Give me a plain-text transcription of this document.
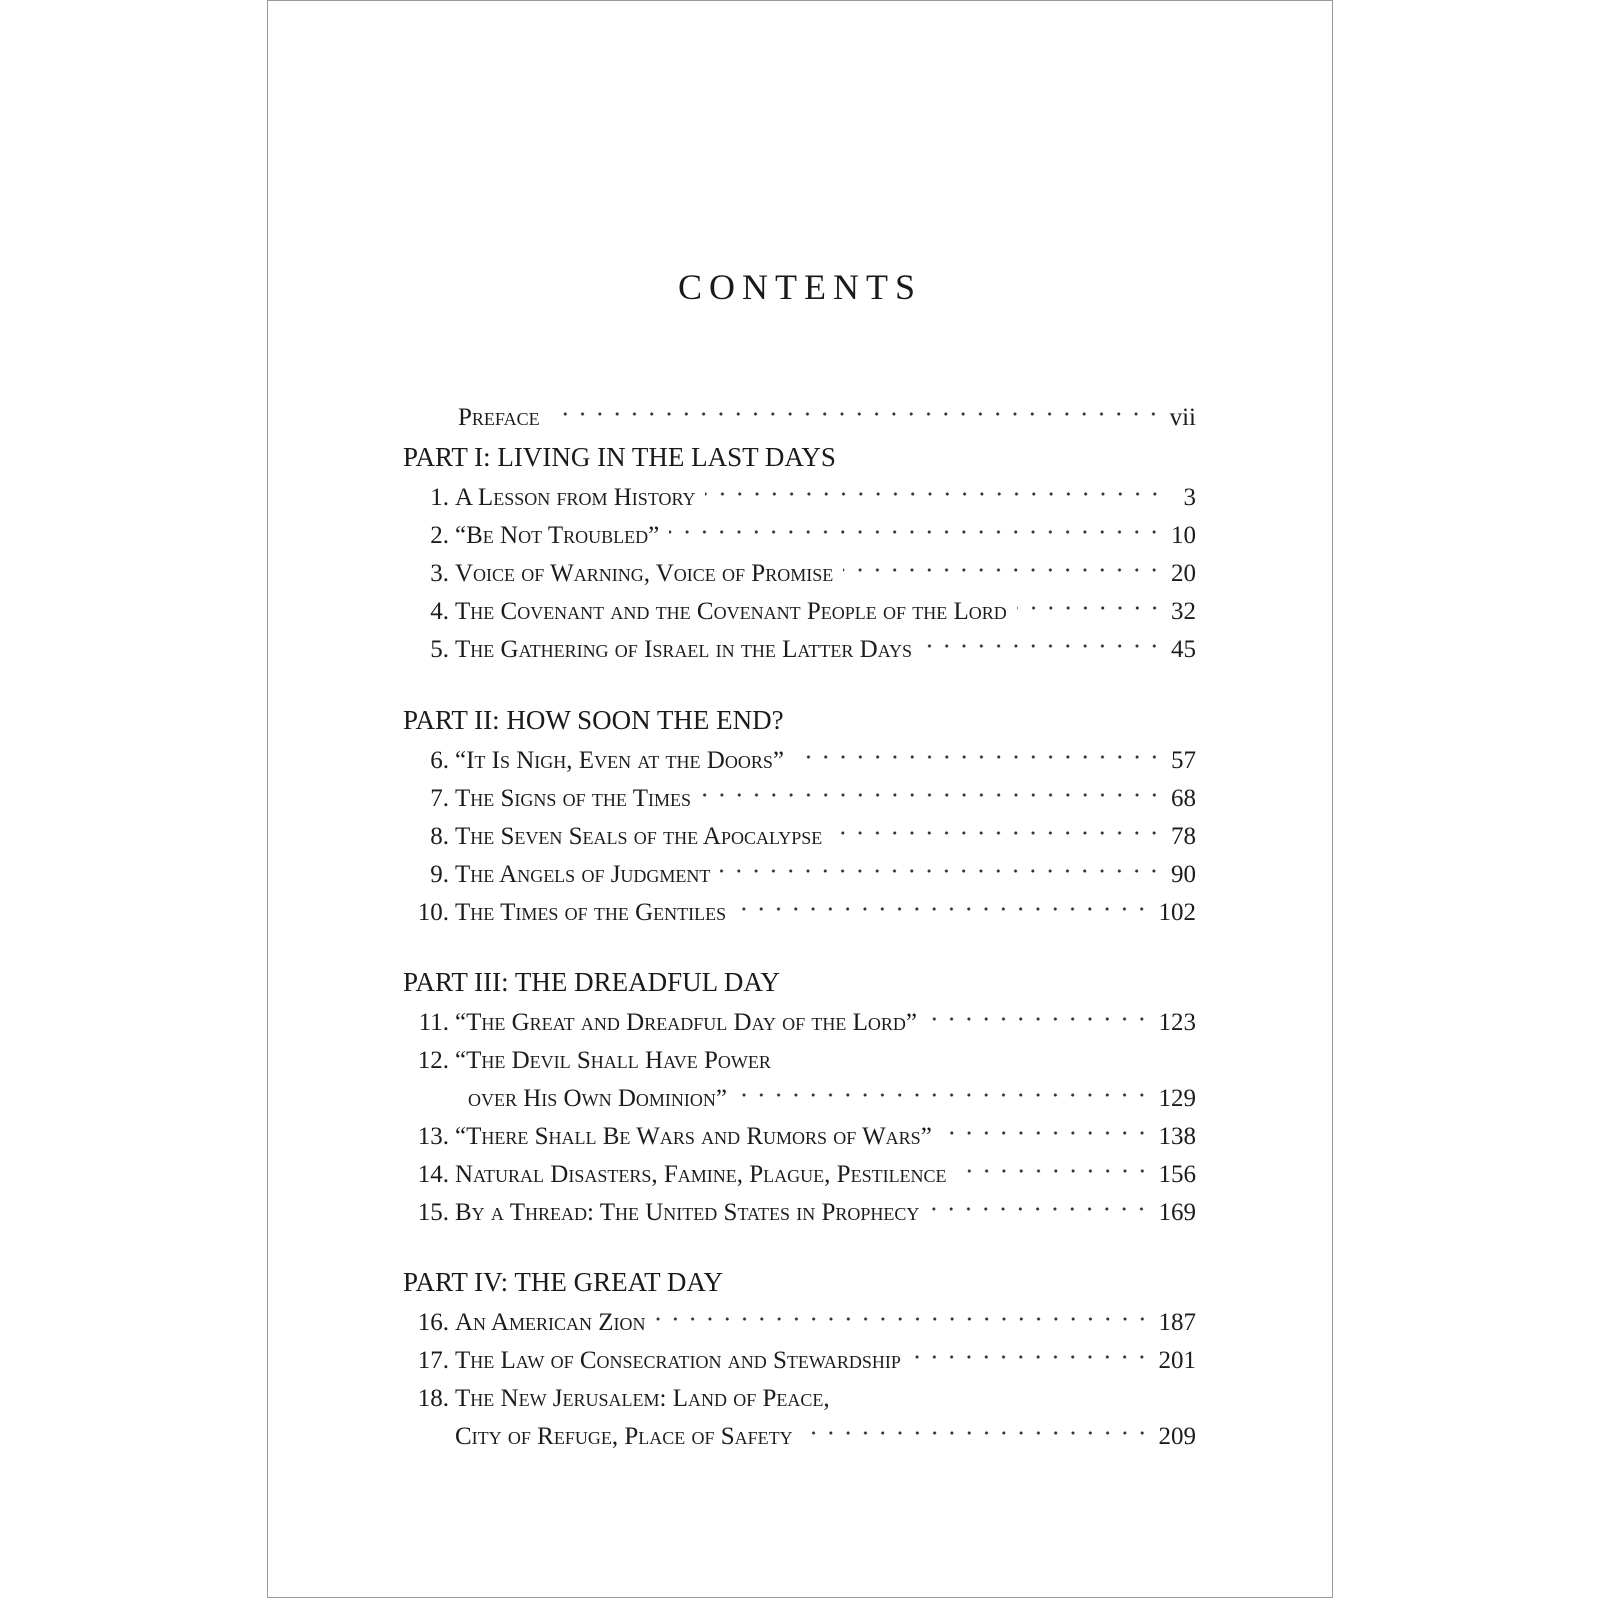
CONTENTS
Preface	vii
PART I: LIVING IN THE LAST DAYS
1. A Lesson from History	3
2. “Be Not Troubled”	10
3. Voice of Warning, Voice of Promise	20
4. The Covenant and the Covenant People of the Lord	32
5. The Gathering of Israel in the Latter Days	45
PART II: HOW SOON THE END?
6. “It Is Nigh, Even at the Doors”	57
7. The Signs of the Times	68
8. The Seven Seals of the Apocalypse	78
9. The Angels of Judgment	90
10. The Times of the Gentiles	102
PART III: THE DREADFUL DAY
11. “The Great and Dreadful Day of the Lord”	123
12. “The Devil Shall Have Power
over His Own Dominion”	129
13. “There Shall Be Wars and Rumors of Wars”	138
14. Natural Disasters, Famine, Plague, Pestilence	156
15. By a Thread: The United States in Prophecy	169
PART IV: THE GREAT DAY
16. An American Zion	187
17. The Law of Consecration and Stewardship	201
18. The New Jerusalem: Land of Peace,
City of Refuge, Place of Safety	209
